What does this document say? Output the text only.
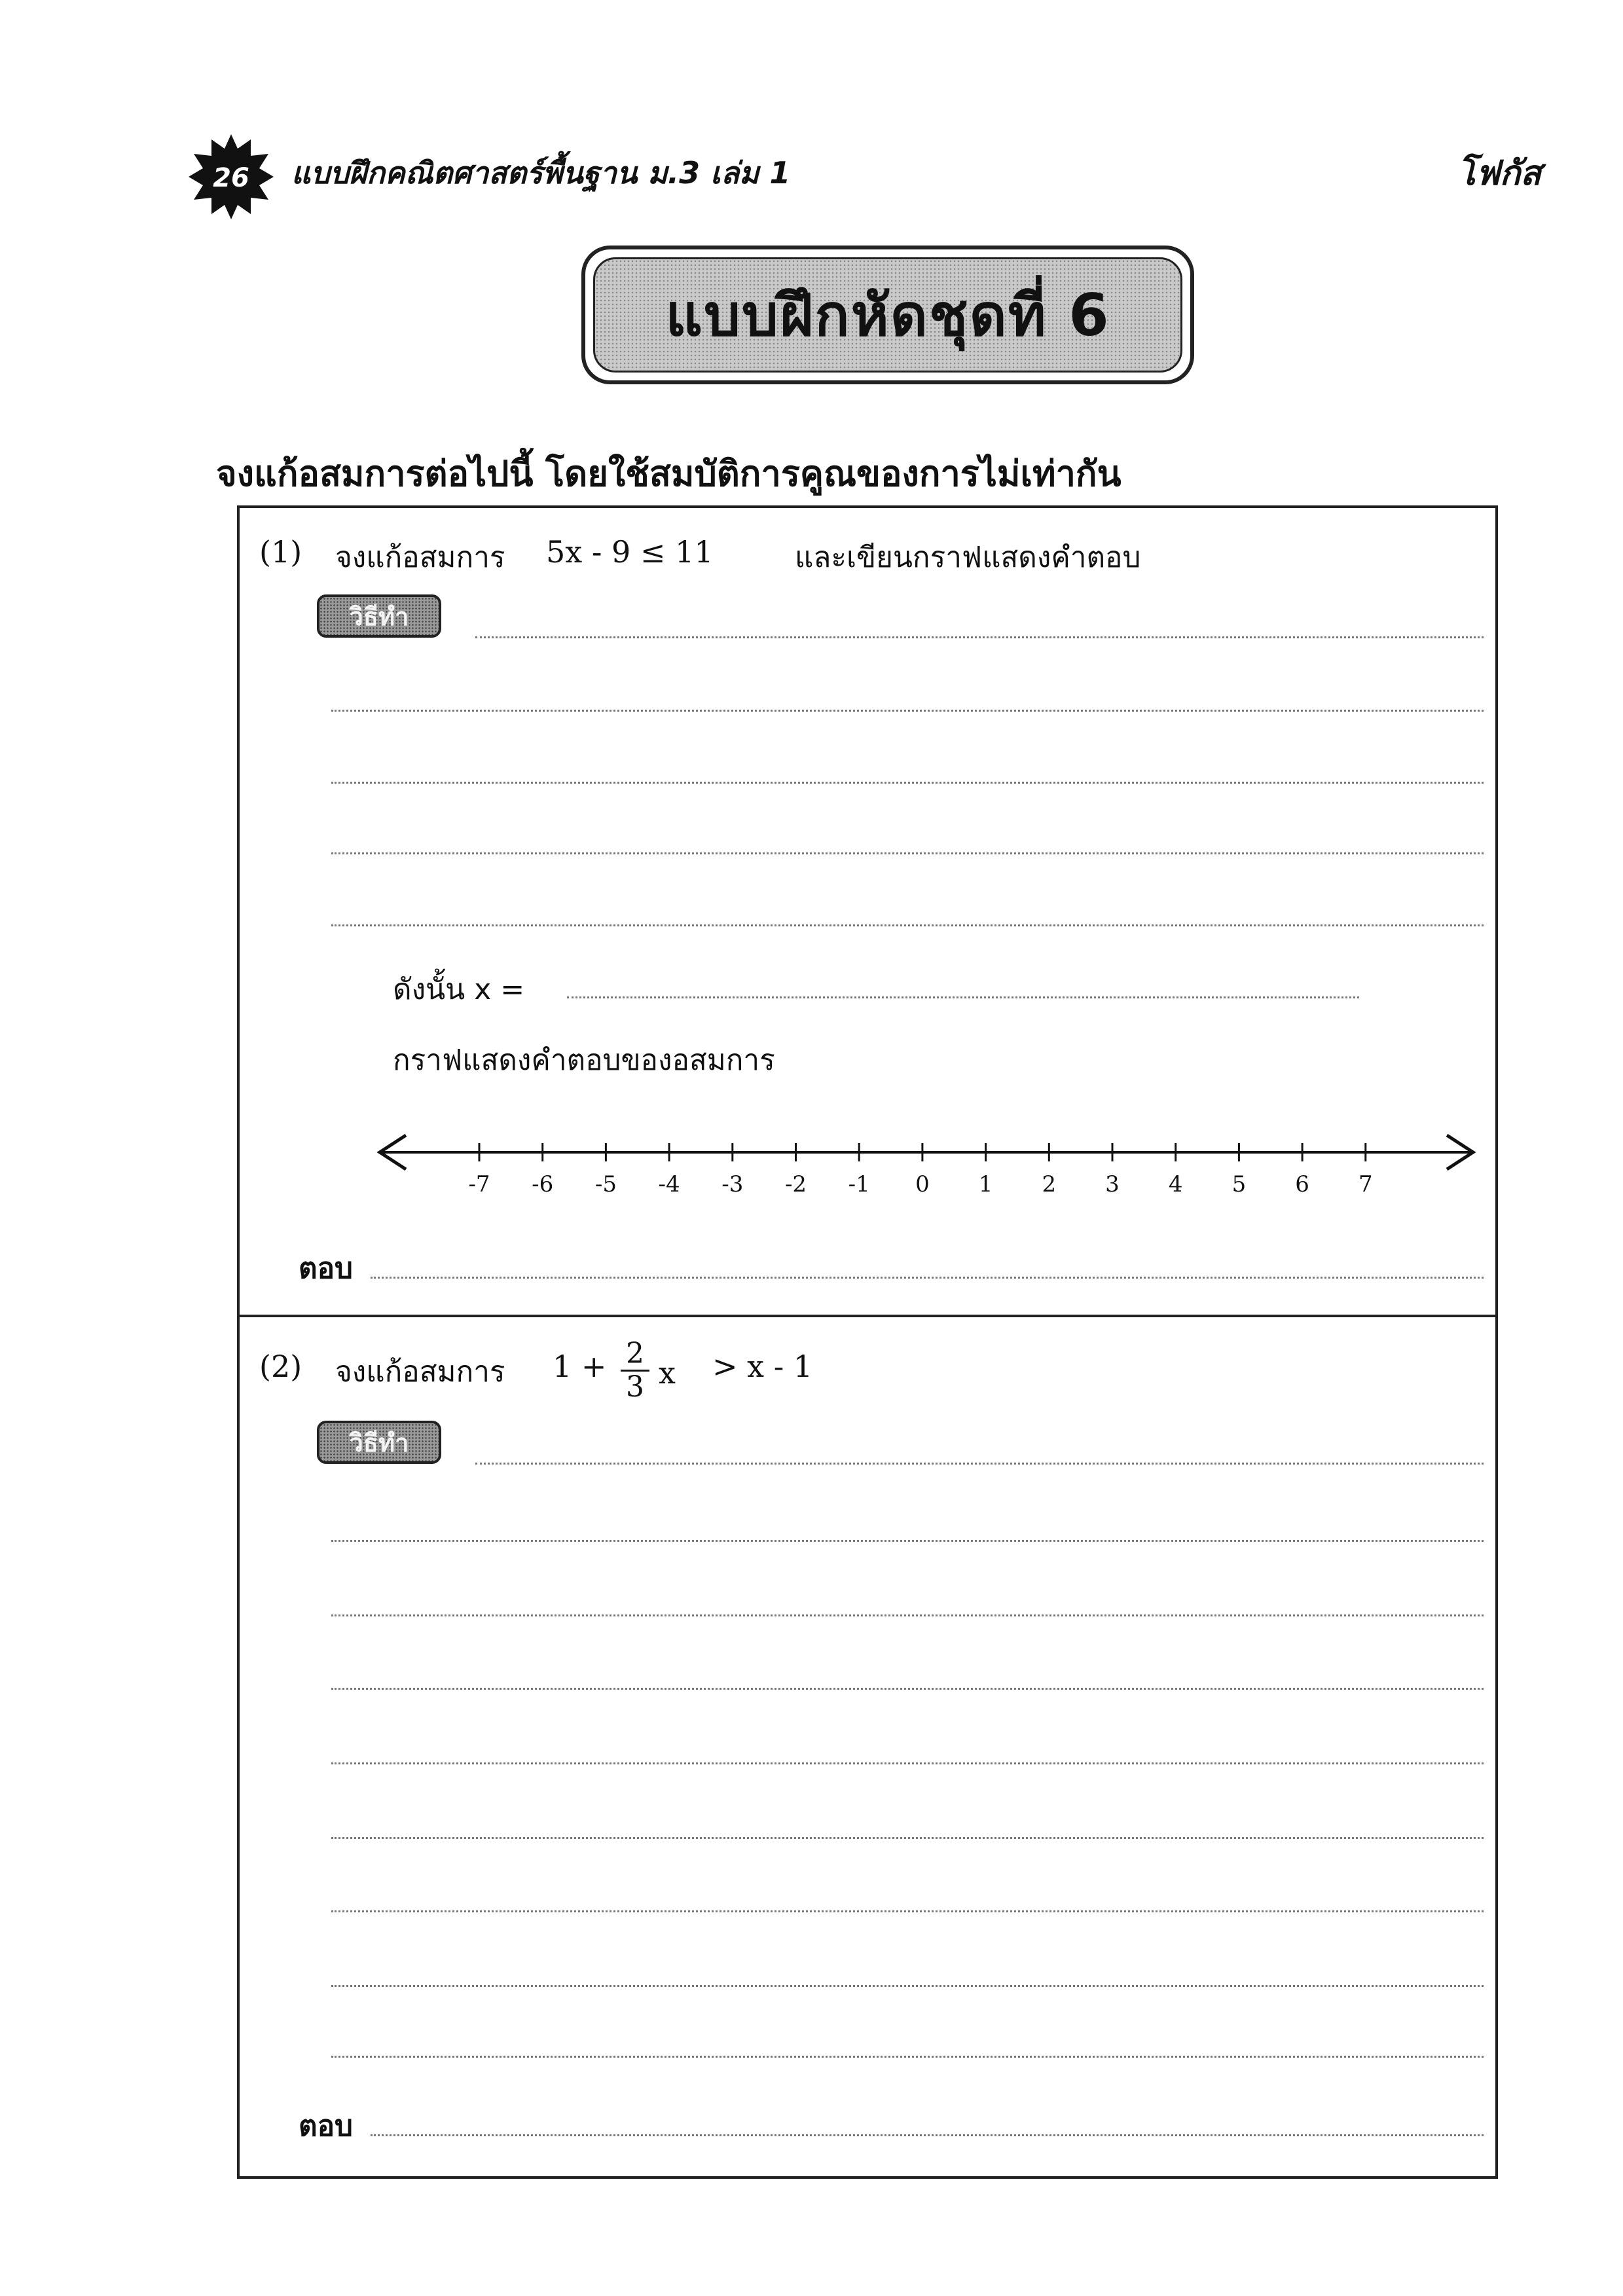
26 แบบฝึกคณิตศาสตร์พื้นฐาน ม.3 เล่ม 1	โฟกัส
แบบฝึกหัดชุดที่ 6
จงแก้อสมการต่อไปนี้ โดยใช้สมบัติการคูณของการไม่เท่ากัน
(1) จงแก้อสมการ 5x - 9 ≤ 11	และเขียนกราฟแสดงคำตอบ
วิธีทำ
ดังนั้น x =
กราฟแสดงคำตอบของอสมการ
ตอบ
-7 -6 -5 -4 -3 -2 -1 0 1 2 3 4 5 6 7
(2) จงแก้อสมการ $1 + \frac{2}{3}$ x > x - 1
วิธีทำ
ตอบ
